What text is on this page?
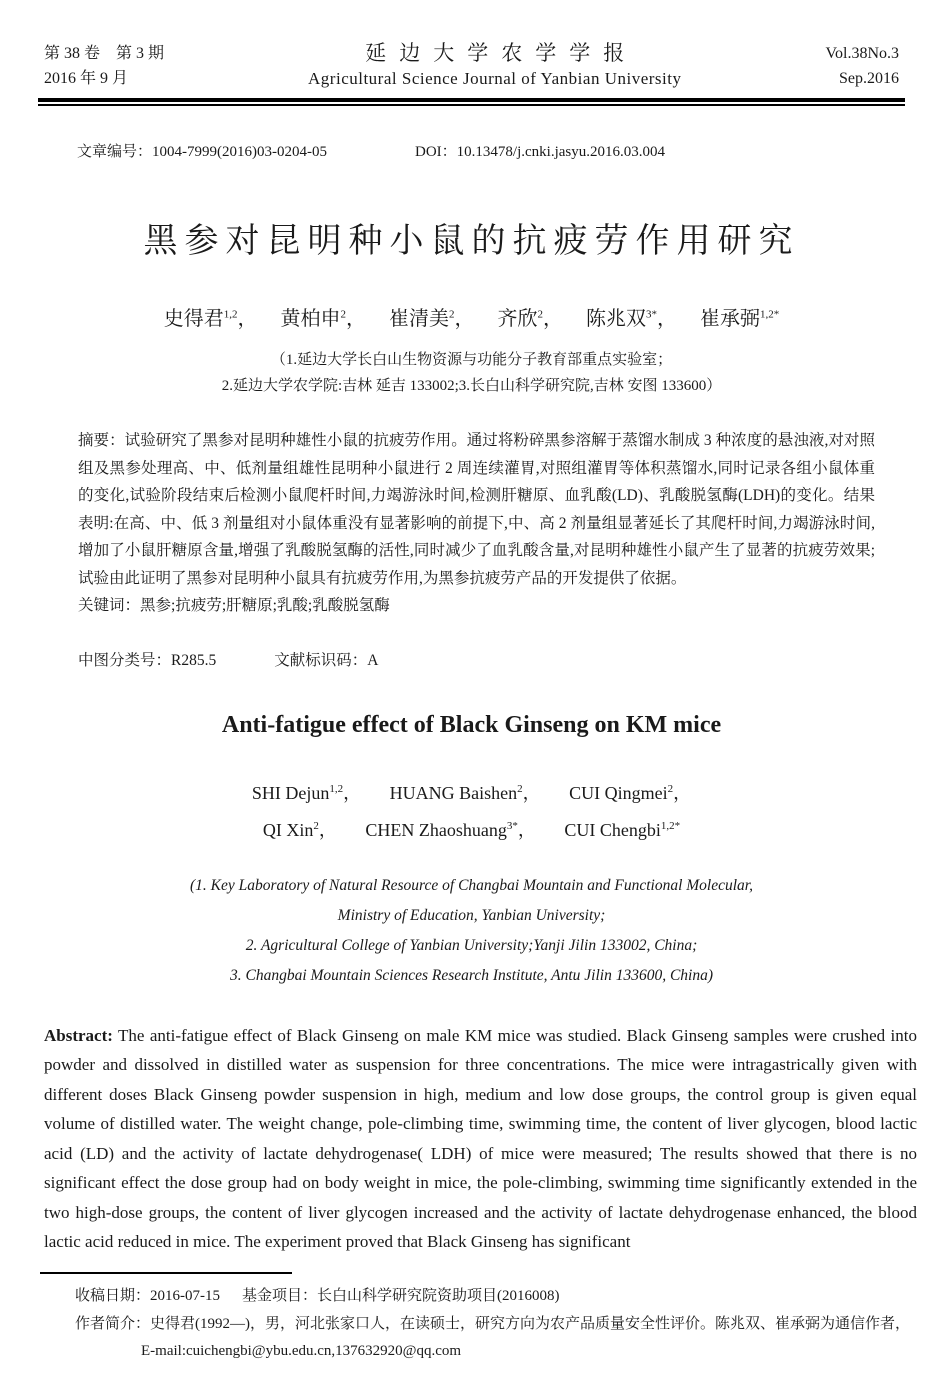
第 38 卷　第 3 期
2016 年 9 月
延边大学农学学报
Agricultural Science Journal of Yanbian University
Vol.38No.3
Sep.2016
文章编号：1004-7999(2016)03-0204-05	DOI：10.13478/j.cnki.jasyu.2016.03.004
黑参对昆明种小鼠的抗疲劳作用研究
史得君$^{1,2}$， 黄柏申$^2$， 崔清美$^2$， 齐欣$^2$， 陈兆双$^{3*}$， 崔承弼$^{1,2*}$
（1.延边大学长白山生物资源与功能分子教育部重点实验室；
2.延边大学农学院:吉林 延吉 133002;3.长白山科学研究院,吉林 安图 133600）

摘要：试验研究了黑参对昆明种雄性小鼠的抗疲劳作用。通过将粉碎黑参溶解于蒸馏水制成 3 种浓度的悬浊液,对对照组及黑参处理高、中、低剂量组雄性昆明种小鼠进行 2 周连续灌胃,对照组灌胃等体积蒸馏水,同时记录各组小鼠体重的变化,试验阶段结束后检测小鼠爬杆时间,力竭游泳时间,检测肝糖原、血乳酸(LD)、乳酸脱氢酶(LDH)的变化。结果表明:在高、中、低 3 剂量组对小鼠体重没有显著影响的前提下,中、高 2 剂量组显著延长了其爬杆时间,力竭游泳时间,增加了小鼠肝糖原含量,增强了乳酸脱氢酶的活性,同时减少了血乳酸含量,对昆明种雄性小鼠产生了显著的抗疲劳效果;试验由此证明了黑参对昆明种小鼠具有抗疲劳作用,为黑参抗疲劳产品的开发提供了依据。

关键词：黑参;抗疲劳;肝糖原;乳酸;乳酸脱氢酶

中图分类号：R285.5	文献标识码：A
Anti-fatigue effect of Black Ginseng on KM mice
SHI Dejun$^{1,2}$， HUANG Baishen$^2$， CUI Qingmei$^2$，
QI Xin$^2$， CHEN Zhaoshuang$^{3*}$， CUI Chengbi$^{1,2*}$
(1. Key Laboratory of Natural Resource of Changbai Mountain and Functional Molecular,
Ministry of Education, Yanbian University;
2. Agricultural College of Yanbian University;Yanji Jilin 133002, China;
3. Changbai Mountain Sciences Research Institute, Antu Jilin 133600, China)

Abstract: The anti-fatigue effect of Black Ginseng on male KM mice was studied. Black Ginseng samples were crushed into powder and dissolved in distilled water as suspension for three concentrations. The mice were intragastrically given with different doses Black Ginseng powder suspension in high, medium and low dose groups, the control group is given equal volume of distilled water. The weight change, pole-climbing time, swimming time, the content of liver glycogen, blood lactic acid (LD) and the activity of lactate dehydrogenase( LDH) of mice were measured; The results showed that there is no significant effect the dose group had on body weight in mice, the pole-climbing, swimming time significantly extended in the two high-dose groups, the content of liver glycogen increased and the activity of lactate dehydrogenase enhanced, the blood lactic acid reduced in mice. The experiment proved that Black Ginseng has significant

收稿日期：2016-07-15 基金项目：长白山科学研究院资助项目(2016008)
作者简介：史得君(1992—)，男，河北张家口人，在读硕士，研究方向为农产品质量安全性评价。陈兆双、崔承弼为通信作者，
E-mail:cuichengbi@ybu.edu.cn,137632920@qq.com
